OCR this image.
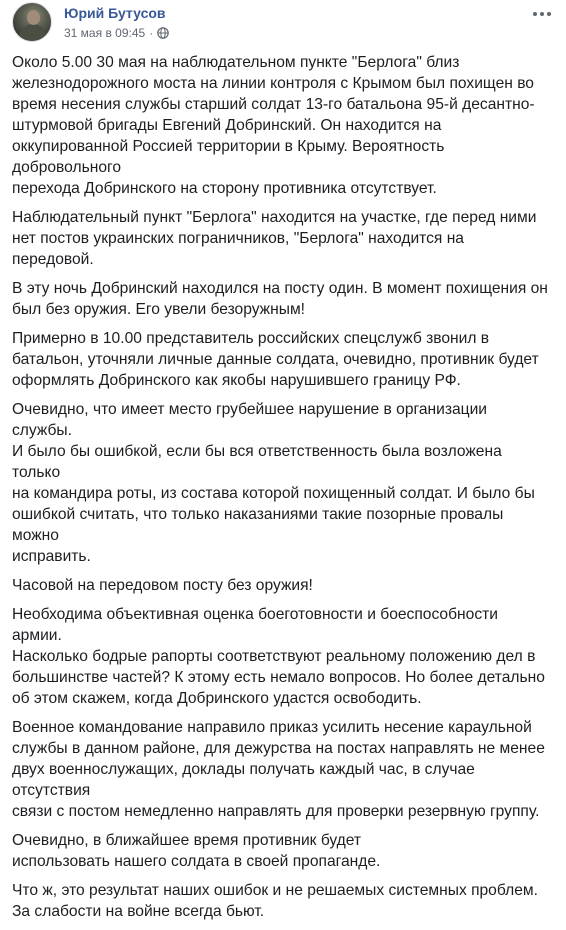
Юрий Бутусов
31 мая в 09:45 ·

Около 5.00 30 мая на наблюдательном пункте "Берлога" близ
железнодорожного моста на линии контроля с Крымом был похищен во
время несения службы старший солдат 13-го батальона 95-й десантно-
штурмовой бригады Евгений Добринский. Он находится на
оккупированной Россией территории в Крыму. Вероятность добровольного
перехода Добринского на сторону противника отсутствует.

Наблюдательный пункт "Берлога" находится на участке, где перед ними
нет постов украинских пограничников, "Берлога" находится на передовой.

В эту ночь Добринский находился на посту один. В момент похищения он
был без оружия. Его увели безоружным!

Примерно в 10.00 представитель российских спецслужб звонил в
батальон, уточняли личные данные солдата, очевидно, противник будет
оформлять Добринского как якобы нарушившего границу РФ.

Очевидно, что имеет место грубейшее нарушение в организации службы.
И было бы ошибкой, если бы вся ответственность была возложена только
на командира роты, из состава которой похищенный солдат. И было бы
ошибкой считать, что только наказаниями такие позорные провалы можно
исправить.

Часовой на передовом посту без оружия!

Необходима объективная оценка боеготовности и боеспособности армии.
Насколько бодрые рапорты соответствуют реальному положению дел в
большинстве частей? К этому есть немало вопросов. Но более детально
об этом скажем, когда Добринского удастся освободить.

Военное командование направило приказ усилить несение караульной
службы в данном районе, для дежурства на постах направлять не менее
двух военнослужащих, доклады получать каждый час, в случае отсутствия
связи с постом немедленно направлять для проверки резервную группу.

Очевидно, в ближайшее время противник будет
использовать нашего солдата в своей пропаганде.

Что ж, это результат наших ошибок и не решаемых системных проблем.
За слабости на войне всегда бьют.
